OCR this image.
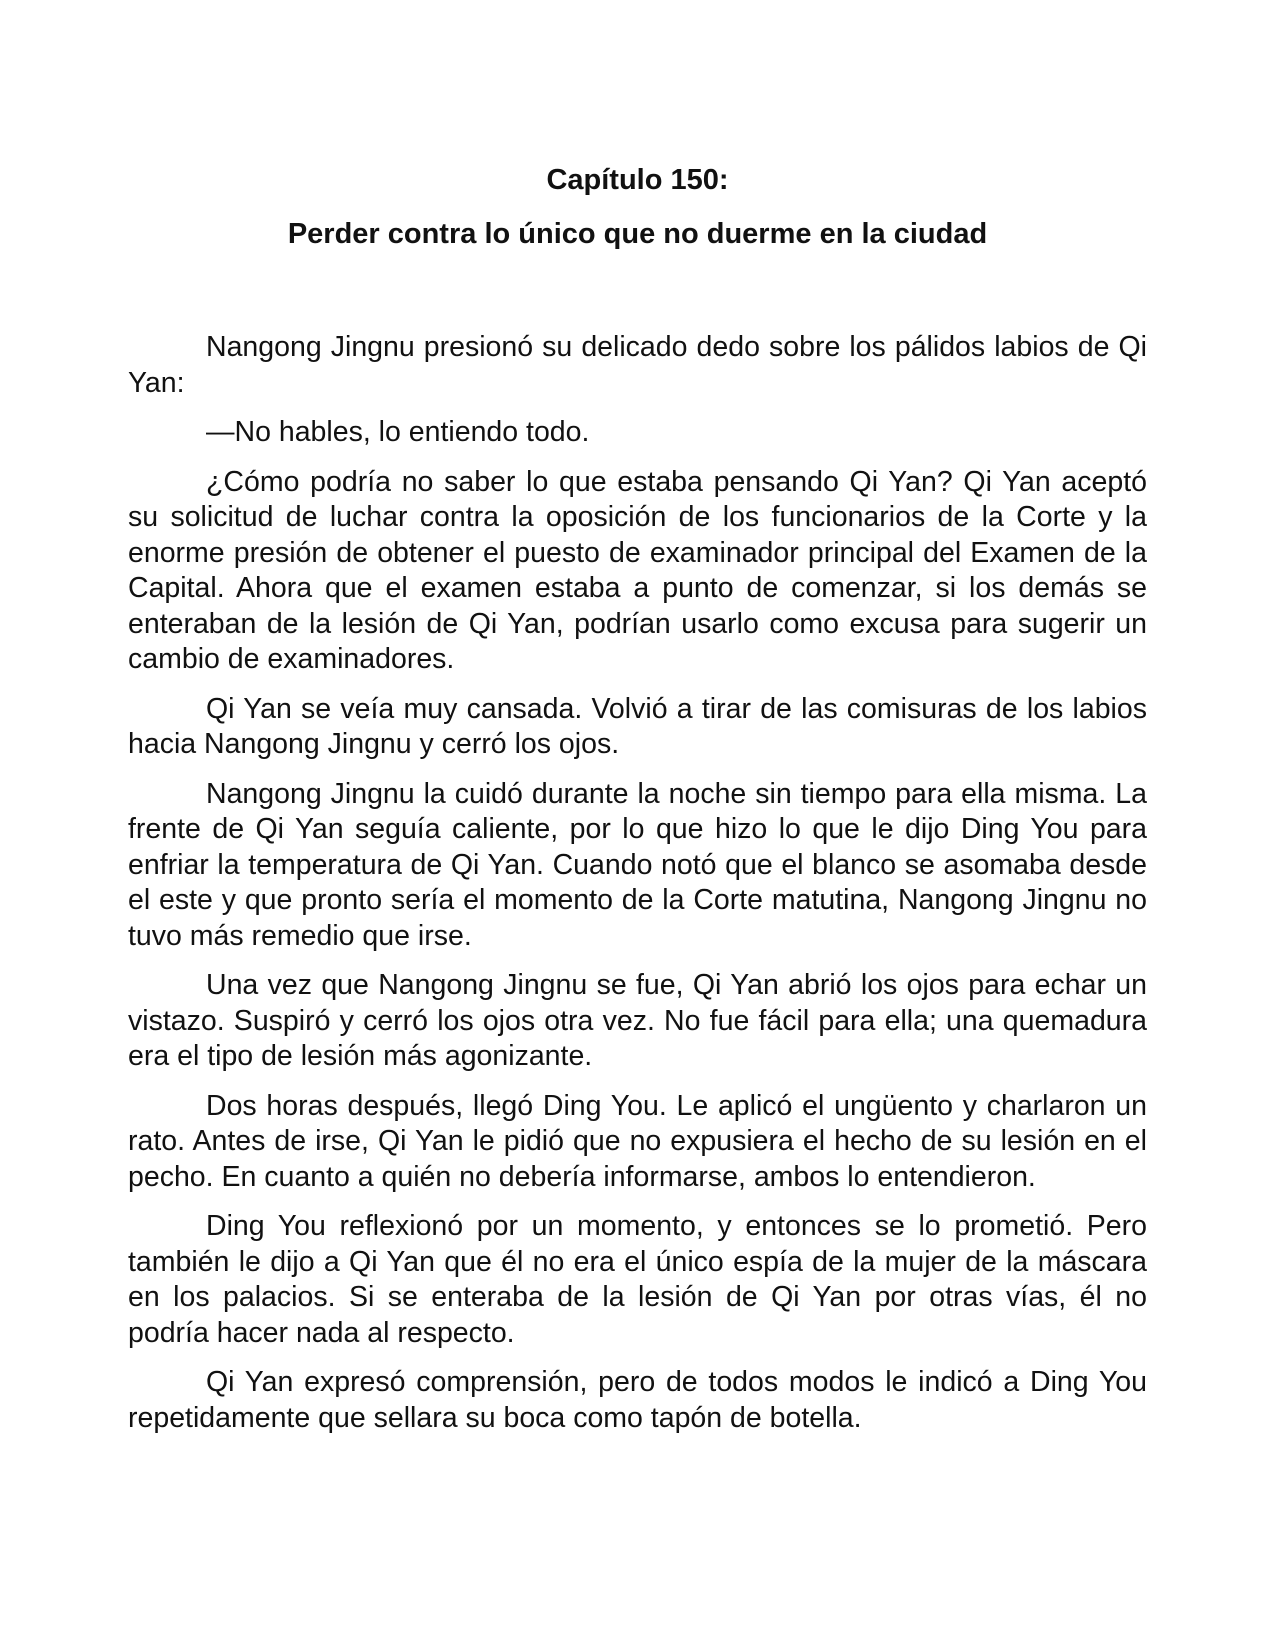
Capítulo 150:
Perder contra lo único que no duerme en la ciudad

Nangong Jingnu presionó su delicado dedo sobre los pálidos labios de Qi Yan:

—No hables, lo entiendo todo.

¿Cómo podría no saber lo que estaba pensando Qi Yan? Qi Yan aceptó su solicitud de luchar contra la oposición de los funcionarios de la Corte y la enorme presión de obtener el puesto de examinador principal del Examen de la Capital. Ahora que el examen estaba a punto de comenzar, si los demás se enteraban de la lesión de Qi Yan, podrían usarlo como excusa para sugerir un cambio de examinadores.

Qi Yan se veía muy cansada. Volvió a tirar de las comisuras de los labios hacia Nangong Jingnu y cerró los ojos.

Nangong Jingnu la cuidó durante la noche sin tiempo para ella misma. La frente de Qi Yan seguía caliente, por lo que hizo lo que le dijo Ding You para enfriar la temperatura de Qi Yan. Cuando notó que el blanco se asomaba desde el este y que pronto sería el momento de la Corte matutina, Nangong Jingnu no tuvo más remedio que irse.

Una vez que Nangong Jingnu se fue, Qi Yan abrió los ojos para echar un vistazo. Suspiró y cerró los ojos otra vez. No fue fácil para ella; una quemadura era el tipo de lesión más agonizante.

Dos horas después, llegó Ding You. Le aplicó el ungüento y charlaron un rato. Antes de irse, Qi Yan le pidió que no expusiera el hecho de su lesión en el pecho. En cuanto a quién no debería informarse, ambos lo entendieron.

Ding You reflexionó por un momento, y entonces se lo prometió. Pero también le dijo a Qi Yan que él no era el único espía de la mujer de la máscara en los palacios. Si se enteraba de la lesión de Qi Yan por otras vías, él no podría hacer nada al respecto.

Qi Yan expresó comprensión, pero de todos modos le indicó a Ding You repetidamente que sellara su boca como tapón de botella.
